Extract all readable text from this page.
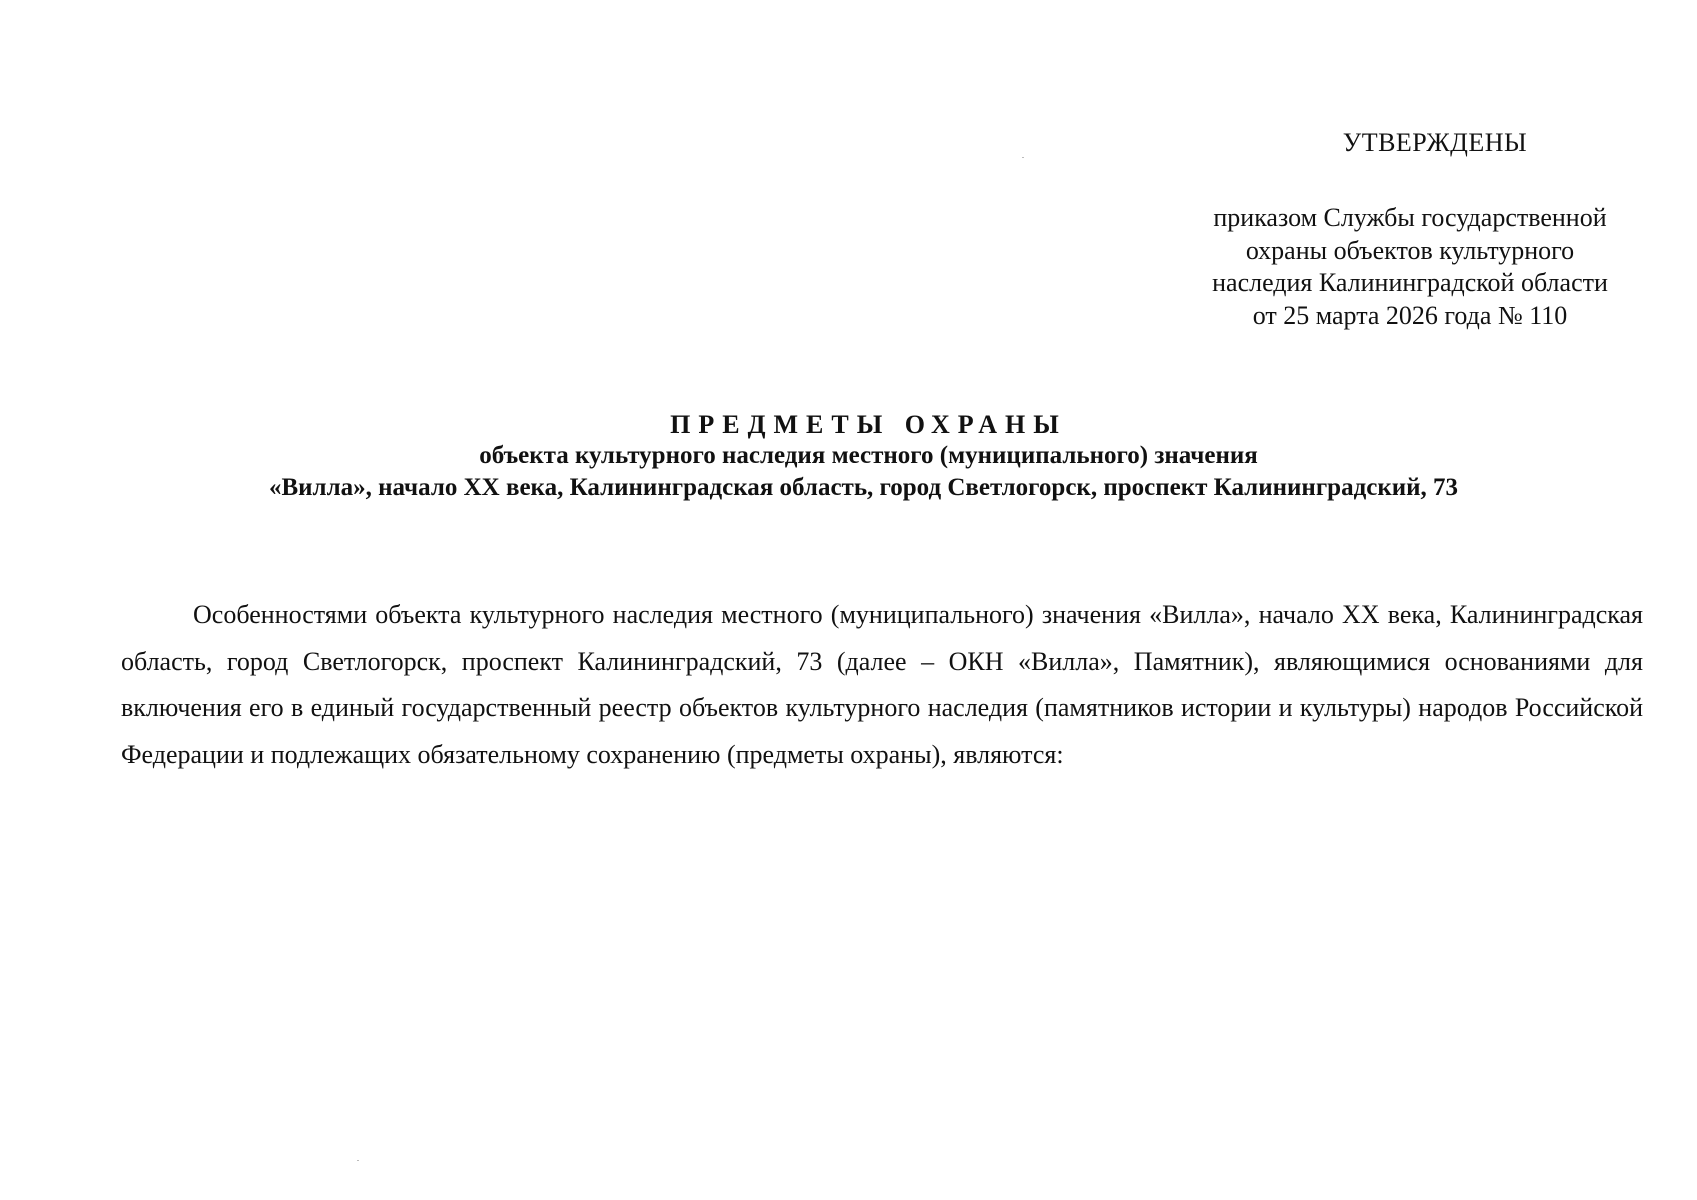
УТВЕРЖДЕНЫ
приказом Службы государственной
охраны объектов культурного
наследия Калининградской области
от 25 марта 2026 года № 110
ПРЕДМЕТЫ ОХРАНЫ
объекта культурного наследия местного (муниципального) значения
«Вилла», начало XX века, Калининградская область, город Светлогорск, проспект Калининградский, 73

Особенностями объекта культурного наследия местного (муниципального) значения «Вилла», начало XX века, Калининградская область, город Светлогорск, проспект Калининградский, 73 (далее – ОКН «Вилла», Памятник), являющимися основаниями для включения его в единый государственный реестр объектов культурного наследия (памятников истории и культуры) народов Российской Федерации и подлежащих обязательному сохранению (предметы охраны), являются:
